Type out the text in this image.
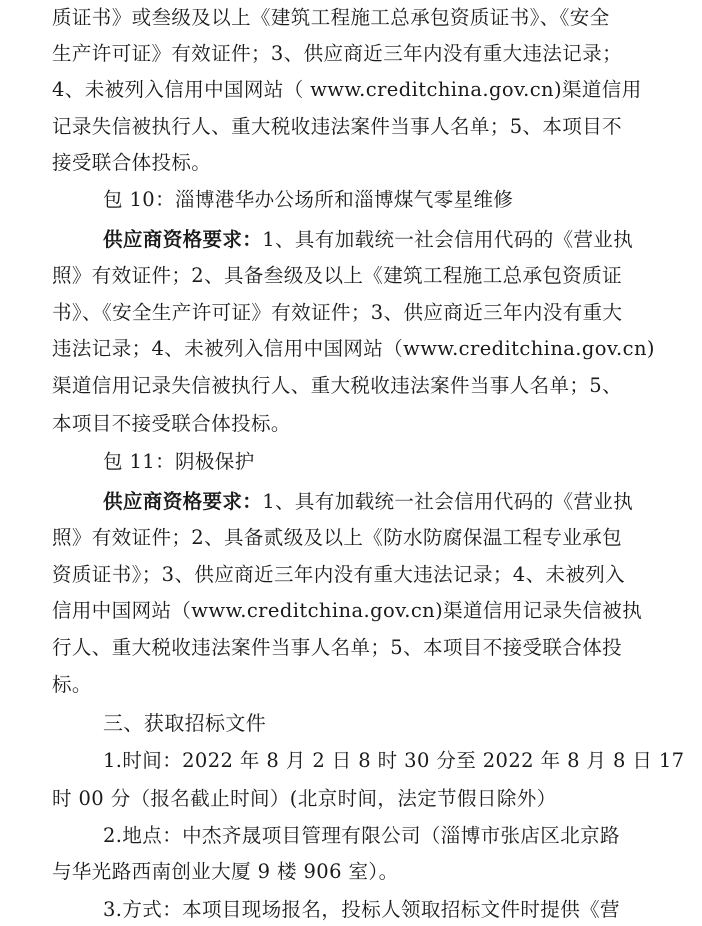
质证书》或叁级及以上《建筑工程施工总承包资质证书》、《安全
生产许可证》有效证件；3、供应商近三年内没有重大违法记录；
4、未被列入信用中国网站（ www.creditchina.gov.cn)渠道信用
记录失信被执行人、重大税收违法案件当事人名单；5、本项目不
接受联合体投标。
包 10：淄博港华办公场所和淄博煤气零星维修
供应商资格要求：1、具有加载统一社会信用代码的《营业执
照》有效证件；2、具备叁级及以上《建筑工程施工总承包资质证
书》、《安全生产许可证》有效证件；3、供应商近三年内没有重大
违法记录；4、未被列入信用中国网站（www.creditchina.gov.cn)
渠道信用记录失信被执行人、重大税收违法案件当事人名单；5、
本项目不接受联合体投标。
包 11：阴极保护
供应商资格要求：1、具有加载统一社会信用代码的《营业执
照》有效证件；2、具备贰级及以上《防水防腐保温工程专业承包
资质证书》；3、供应商近三年内没有重大违法记录；4、未被列入
信用中国网站（www.creditchina.gov.cn)渠道信用记录失信被执
行人、重大税收违法案件当事人名单；5、本项目不接受联合体投
标。
三、获取招标文件
1.时间：2022 年 8 月 2 日 8 时 30 分至 2022 年 8 月 8 日 17
时 00 分（报名截止时间）(北京时间，法定节假日除外）
2.地点：中杰齐晟项目管理有限公司（淄博市张店区北京路
与华光路西南创业大厦 9 楼 906 室）。
3.方式：本项目现场报名，投标人领取招标文件时提供《营
